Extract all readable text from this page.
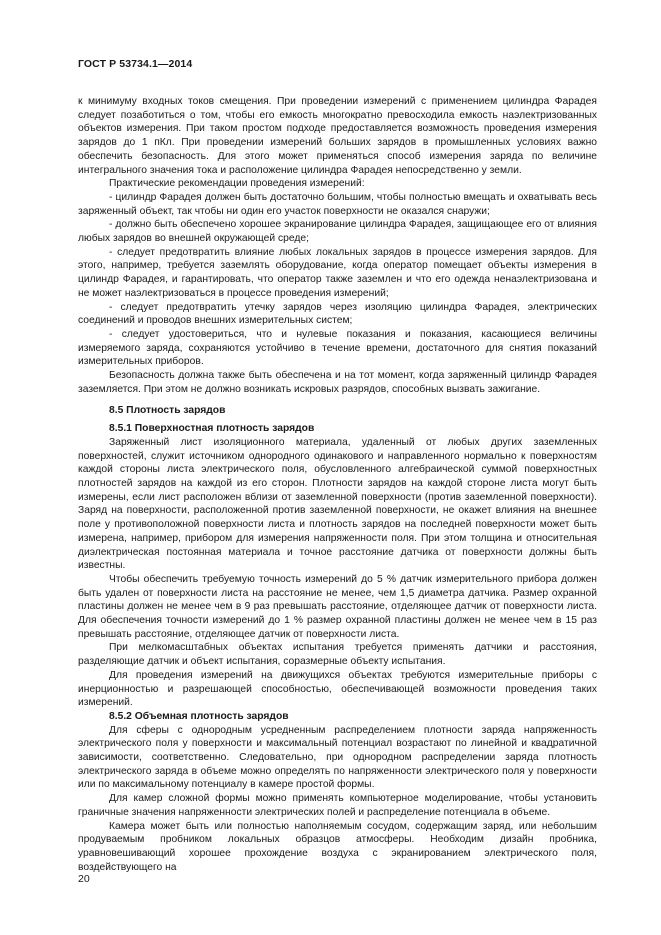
ГОСТ Р 53734.1—2014

к минимуму входных токов смещения. При проведении измерений с применением цилиндра Фарадея следует позаботиться о том, чтобы его емкость многократно превосходила емкость наэлектризованных объектов измерения. При таком простом подходе предоставляется возможность проведения измерения зарядов до 1 пКл. При проведении измерений больших зарядов в промышленных условиях важно обеспечить безопасность. Для этого может применяться способ измерения заряда по величине интегрального значения тока и расположение цилиндра Фарадея непосредственно у земли.

Практические рекомендации проведения измерений:

- цилиндр Фарадея должен быть достаточно большим, чтобы полностью вмещать и охватывать весь заряженный объект, так чтобы ни один его участок поверхности не оказался снаружи;

- должно быть обеспечено хорошее экранирование цилиндра Фарадея, защищающее его от влияния любых зарядов во внешней окружающей среде;

- следует предотвратить влияние любых локальных зарядов в процессе измерения зарядов. Для этого, например, требуется заземлять оборудование, когда оператор помещает объекты измерения в цилиндр Фарадея, и гарантировать, что оператор также заземлен и что его одежда ненаэлектризована и не может наэлектризоваться в процессе проведения измерений;

- следует предотвратить утечку зарядов через изоляцию цилиндра Фарадея, электрических соединений и проводов внешних измерительных систем;

- следует удостовериться, что и нулевые показания и показания, касающиеся величины измеряемого заряда, сохраняются устойчиво в течение времени, достаточного для снятия показаний измерительных приборов.

Безопасность должна также быть обеспечена и на тот момент, когда заряженный цилиндр Фарадея заземляется. При этом не должно возникать искровых разрядов, способных вызвать зажигание.

8.5 Плотность зарядов

8.5.1 Поверхностная плотность зарядов

Заряженный лист изоляционного материала, удаленный от любых других заземленных поверхностей, служит источником однородного одинакового и направленного нормально к поверхностям каждой стороны листа электрического поля, обусловленного алгебраической суммой поверхностных плотностей зарядов на каждой из его сторон. Плотности зарядов на каждой стороне листа могут быть измерены, если лист расположен вблизи от заземленной поверхности (против заземленной поверхности). Заряд на поверхности, расположенной против заземленной поверхности, не окажет влияния на внешнее поле у противоположной поверхности листа и плотность зарядов на последней поверхности может быть измерена, например, прибором для измерения напряженности поля. При этом толщина и относительная диэлектрическая постоянная материала и точное расстояние датчика от поверхности должны быть известны.

Чтобы обеспечить требуемую точность измерений до 5 % датчик измерительного прибора должен быть удален от поверхности листа на расстояние не менее, чем 1,5 диаметра датчика. Размер охранной пластины должен не менее чем в 9 раз превышать расстояние, отделяющее датчик от поверхности листа. Для обеспечения точности измерений до 1 % размер охранной пластины должен не менее чем в 15 раз превышать расстояние, отделяющее датчик от поверхности листа.

При мелкомасштабных объектах испытания требуется применять датчики и расстояния, разделяющие датчик и объект испытания, соразмерные объекту испытания.

Для проведения измерений на движущихся объектах требуются измерительные приборы с инерционностью и разрешающей способностью, обеспечивающей возможности проведения таких измерений.

8.5.2 Объемная плотность зарядов

Для сферы с однородным усредненным распределением плотности заряда напряженность электрического поля у поверхности и максимальный потенциал возрастают по линейной и квадратичной зависимости, соответственно. Следовательно, при однородном распределении заряда плотность электрического заряда в объеме можно определять по напряженности электрического поля у поверхности или по максимальному потенциалу в камере простой формы.

Для камер сложной формы можно применять компьютерное моделирование, чтобы установить граничные значения напряженности электрических полей и распределение потенциала в объеме.

Камера может быть или полностью наполняемым сосудом, содержащим заряд, или небольшим продуваемым пробником локальных образцов атмосферы. Необходим дизайн пробника, уравновешивающий хорошее прохождение воздуха с экранированием электрического поля, воздействующего на

20
